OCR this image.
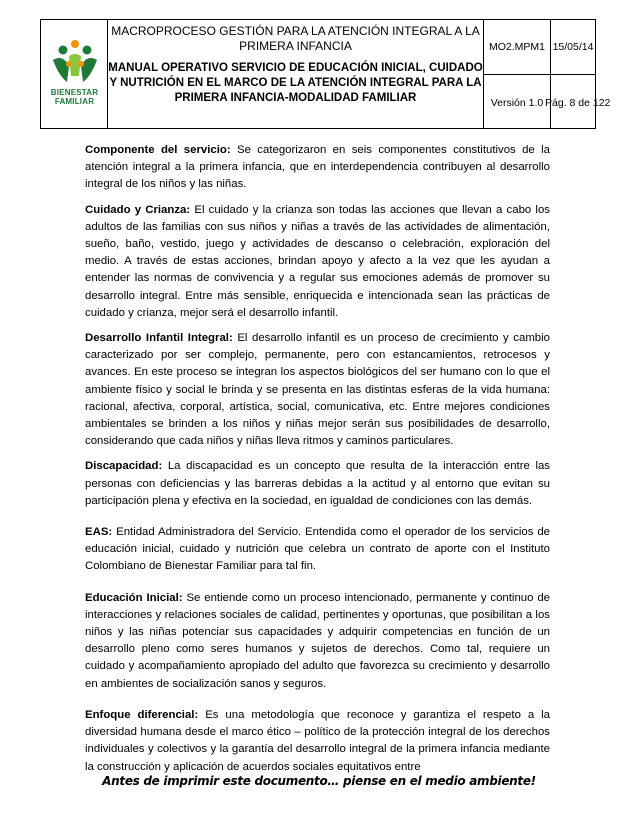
BIENESTAR
FAMILIAR
MACROPROCESO GESTIÓN PARA LA ATENCIÓN INTEGRAL A LA PRIMERA INFANCIA
MANUAL OPERATIVO SERVICIO DE EDUCACIÓN INICIAL, CUIDADO Y NUTRICIÓN EN EL MARCO DE LA ATENCIÓN INTEGRAL PARA LA PRIMERA INFANCIA-MODALIDAD FAMILIAR
MO2.MPM1
Versión 1.0
15/05/14
Pág. 8 de 122

Componente del servicio: Se categorizaron en seis componentes constitutivos de la atención integral a la primera infancia, que en interdependencia contribuyen al desarrollo integral de los niños y las niñas.

Cuidado y Crianza: El cuidado y la crianza son todas las acciones que llevan a cabo los adultos de las familias con sus niños y niñas a través de las actividades de alimentación, sueño, baño, vestido, juego y actividades de descanso o celebración, exploración del medio. A través de estas acciones, brindan apoyo y afecto a la vez que les ayudan a entender las normas de convivencia y a regular sus emociones además de promover su desarrollo integral. Entre más sensible, enriquecida e intencionada sean las prácticas de cuidado y crianza, mejor será el desarrollo infantil.

Desarrollo Infantil Integral: El desarrollo infantil es un proceso de crecimiento y cambio caracterizado por ser complejo, permanente, pero con estancamientos, retrocesos y avances. En este proceso se integran los aspectos biológicos del ser humano con lo que el ambiente físico y social le brinda y se presenta en las distintas esferas de la vida humana: racional, afectiva, corporal, artística, social, comunicativa, etc. Entre mejores condiciones ambientales se brinden a los niños y niñas mejor serán sus posibilidades de desarrollo, considerando que cada niños y niñas lleva ritmos y caminos particulares.

Discapacidad: La discapacidad es un concepto que resulta de la interacción entre las personas con deficiencias y las barreras debidas a la actitud y al entorno que evitan su participación plena y efectiva en la sociedad, en igualdad de condiciones con las demás.

EAS: Entidad Administradora del Servicio. Entendida como el operador de los servicios de educación inicial, cuidado y nutrición que celebra un contrato de aporte con el Instituto Colombiano de Bienestar Familiar para tal fin.

Educación Inicial: Se entiende como un proceso intencionado, permanente y continuo de interacciones y relaciones sociales de calidad, pertinentes y oportunas, que posibilitan a los niños y las niñas potenciar sus capacidades y adquirir competencias en función de un desarrollo pleno como seres humanos y sujetos de derechos. Como tal, requiere un cuidado y acompañamiento apropiado del adulto que favorezca su crecimiento y desarrollo en ambientes de socialización sanos y seguros.

Enfoque diferencial: Es una metodología que reconoce y garantiza el respeto a la diversidad humana desde el marco ético – político de la protección integral de los derechos individuales y colectivos y la garantía del desarrollo integral de la primera infancia mediante la construcción y aplicación de acuerdos sociales equitativos entre

Antes de imprimir este documento… piense en el medio ambiente!
